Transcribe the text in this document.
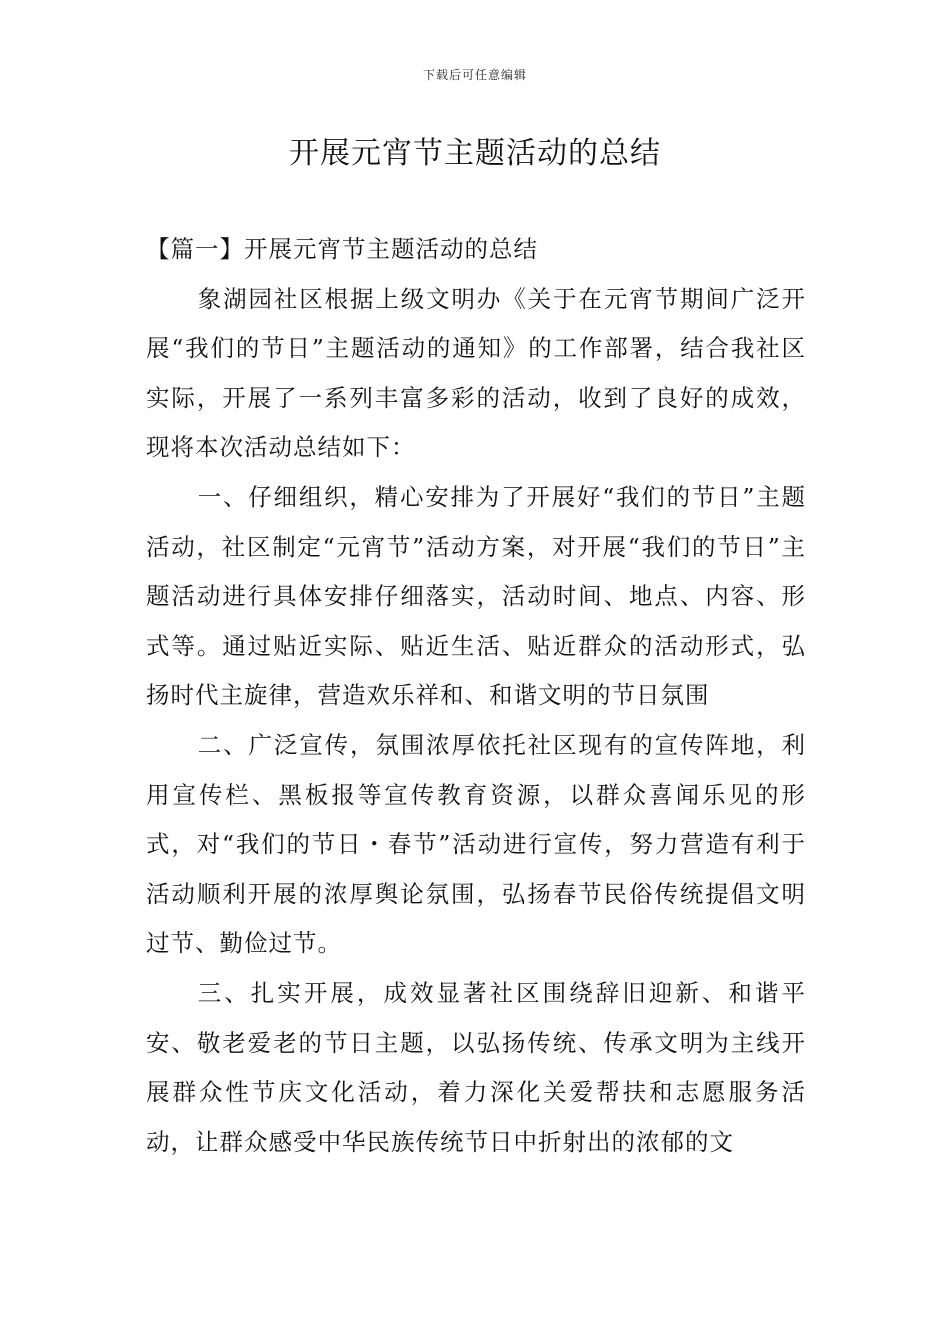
下载后可任意编辑
开展元宵节主题活动的总结

【篇一】开展元宵节主题活动的总结

象湖园社区根据上级文明办《关于在元宵节期间广泛开展“我们的节日”主题活动的通知》的工作部署，结合我社区实际，开展了一系列丰富多彩的活动，收到了良好的成效，现将本次活动总结如下：

一、仔细组织，精心安排为了开展好“我们的节日”主题活动，社区制定“元宵节”活动方案，对开展“我们的节日”主题活动进行具体安排仔细落实，活动时间、地点、内容、形式等。通过贴近实际、贴近生活、贴近群众的活动形式，弘扬时代主旋律，营造欢乐祥和、和谐文明的节日氛围

二、广泛宣传，氛围浓厚依托社区现有的宣传阵地，利用宣传栏、黑板报等宣传教育资源，以群众喜闻乐见的形式，对“我们的节日・春节”活动进行宣传，努力营造有利于活动顺利开展的浓厚舆论氛围，弘扬春节民俗传统提倡文明过节、勤俭过节。

三、扎实开展，成效显著社区围绕辞旧迎新、和谐平安、敬老爱老的节日主题，以弘扬传统、传承文明为主线开展群众性节庆文化活动，着力深化关爱帮扶和志愿服务活动，让群众感受中华民族传统节日中折射出的浓郁的文
